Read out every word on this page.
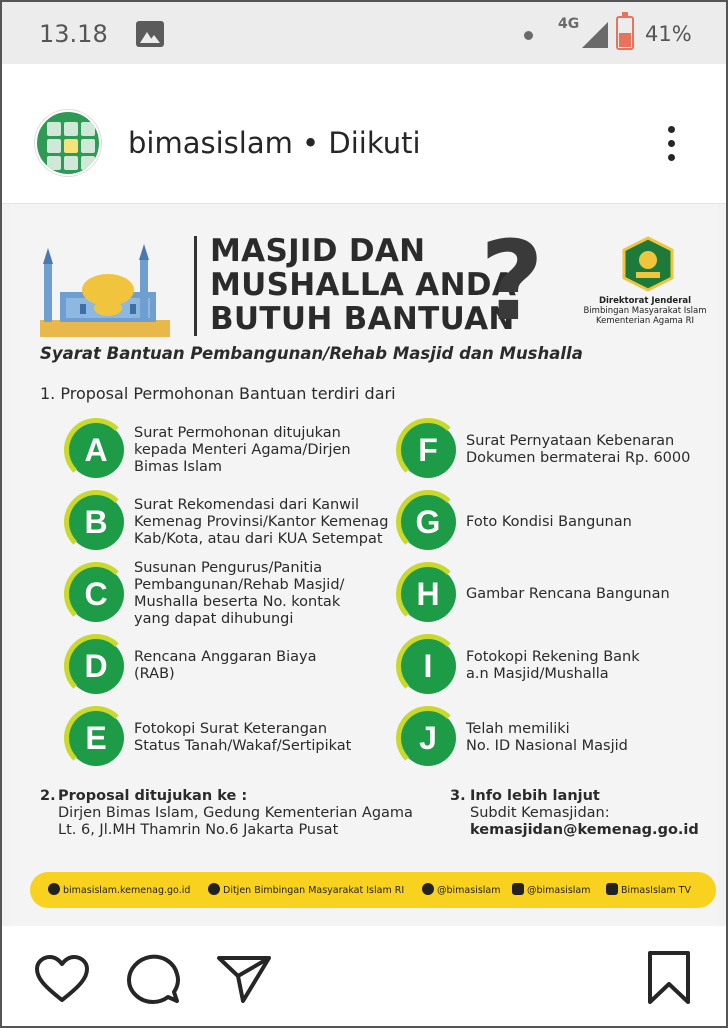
13.18	4G	41%
bimasislam • Diikuti
MASJID DAN
MUSHALLA ANDA
BUTUH BANTUAN
?	Direktorat Jenderal
Bimbingan Masyarakat Islam
Kementerian Agama RI
Syarat Bantuan Pembangunan/Rehab Masjid dan Mushalla
1. Proposal Permohonan Bantuan terdiri dari
A	Surat Permohonan ditujukan
kepada Menteri Agama/Dirjen
Bimas Islam
B	Surat Rekomendasi dari Kanwil
Kemenag Provinsi/Kantor Kemenag
Kab/Kota, atau dari KUA Setempat
C
Susunan Pengurus/Panitia
Pembangunan/Rehab Masjid/
Mushalla beserta No. kontak
yang dapat dihubungi
D	Rencana Anggaran Biaya
(RAB)
E	Fotokopi Surat Keterangan
Status Tanah/Wakaf/Sertipikat
F	Surat Pernyataan Kebenaran
Dokumen bermaterai Rp. 6000
G	Foto Kondisi Bangunan
H	Gambar Rencana Bangunan
I	Fotokopi Rekening Bank
a.n Masjid/Mushalla
J	Telah memiliki
No. ID Nasional Masjid
2. Proposal ditujukan ke :
Dirjen Bimas Islam, Gedung Kementerian Agama
Lt. 6, Jl.MH Thamrin No.6 Jakarta Pusat
3. Info lebih lanjut
Subdit Kemasjidan:
kemasjidan@kemenag.go.id
bimasislam.kemenag.go.id	Ditjen Bimbingan Masyarakat Islam RI	@bimasislam	@bimasislam	BimasIslam TV
